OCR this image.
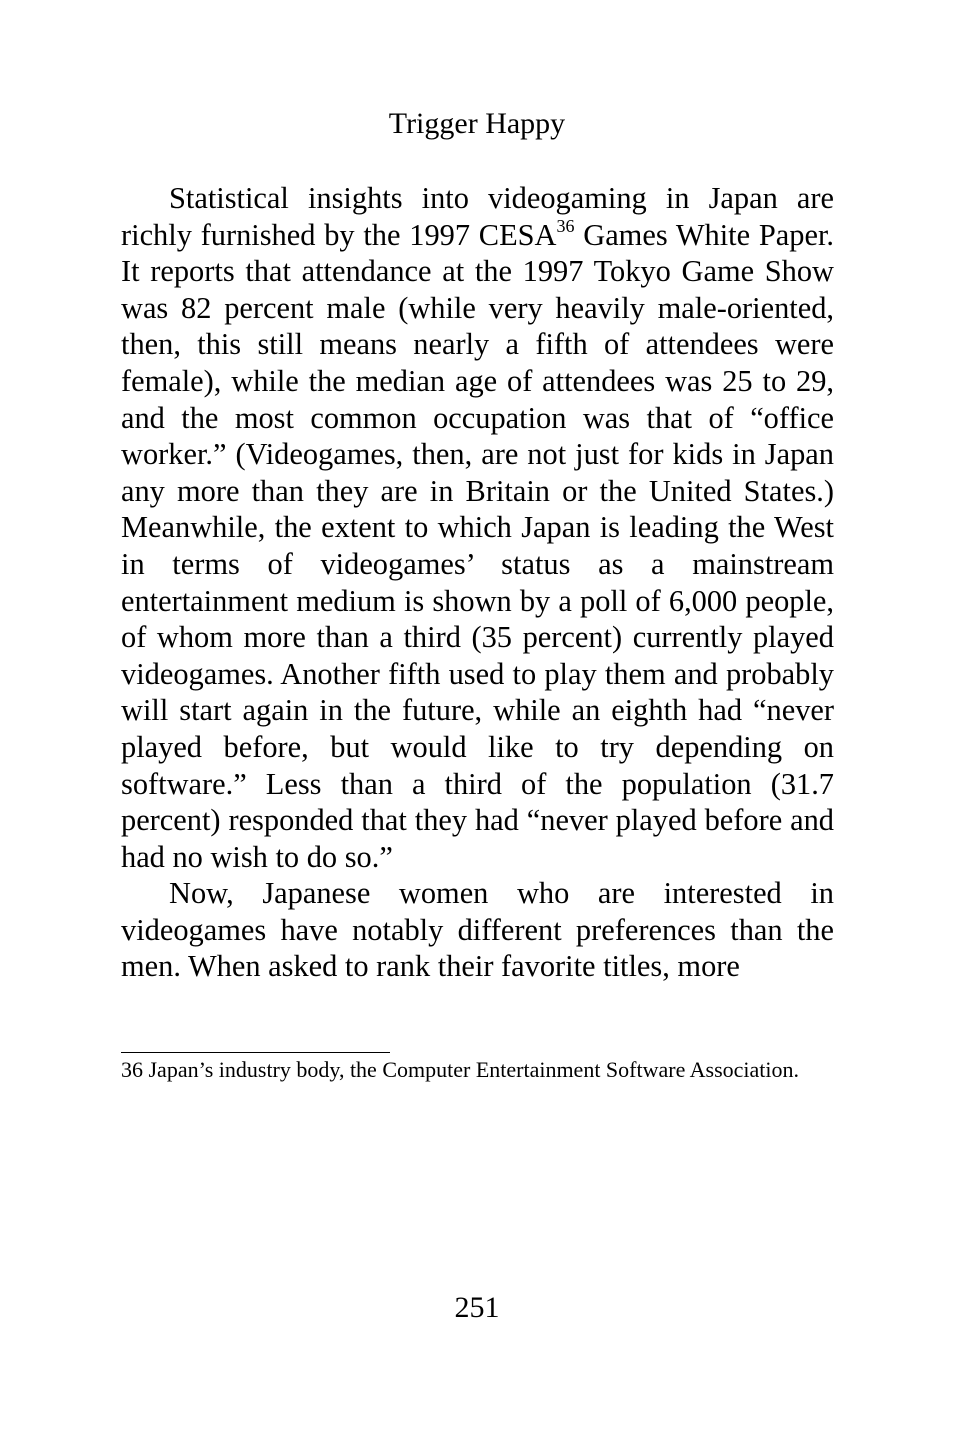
Trigger Happy

Statistical insights into videogaming in Japan are richly furnished by the 1997 CESA$^{36}$ Games White Paper. It reports that attendance at the 1997 Tokyo Game Show was 82 percent male (while very heavily male-oriented, then, this still means nearly a fifth of attendees were female), while the median age of attendees was 25 to 29, and the most common occupation was that of “office worker.” (Videogames, then, are not just for kids in Japan any more than they are in Britain or the United States.) Meanwhile, the extent to which Japan is leading the West in terms of videogames’ status as a mainstream entertainment medium is shown by a poll of 6,000 people, of whom more than a third (35 percent) currently played videogames. Another fifth used to play them and probably will start again in the future, while an eighth had “never played before, but would like to try depending on software.” Less than a third of the population (31.7 percent) responded that they had “never played before and had no wish to do so.”

Now, Japanese women who are interested in videogames have notably different preferences than the men. When asked to rank their favorite titles, more

36 Japan’s industry body, the Computer Entertainment Software Association.
251
